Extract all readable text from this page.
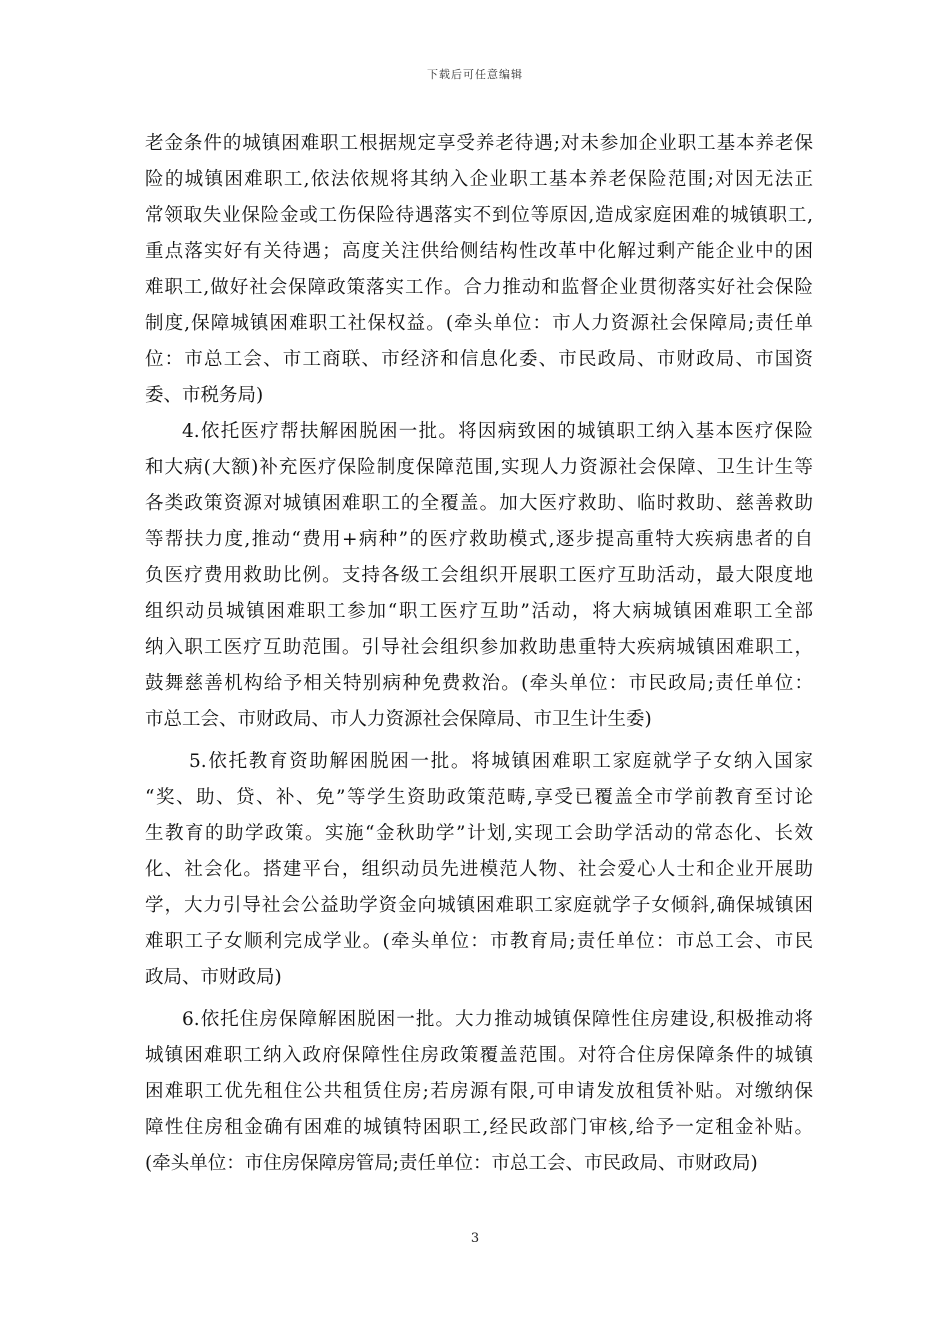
下载后可任意编辑
老金条件的城镇困难职工根据规定享受养老待遇;对未参加企业职工基本养老保
险的城镇困难职工,依法依规将其纳入企业职工基本养老保险范围;对因无法正
常领取失业保险金或工伤保险待遇落实不到位等原因,造成家庭困难的城镇职工,
重点落实好有关待遇；高度关注供给侧结构性改革中化解过剩产能企业中的困
难职工,做好社会保障政策落实工作。合力推动和监督企业贯彻落实好社会保险
制度,保障城镇困难职工社保权益。(牵头单位：市人力资源社会保障局;责任单
位：市总工会、市工商联、市经济和信息化委、市民政局、市财政局、市国资
委、市税务局)
4.依托医疗帮扶解困脱困一批。将因病致困的城镇职工纳入基本医疗保险
和大病(大额)补充医疗保险制度保障范围,实现人力资源社会保障、卫生计生等
各类政策资源对城镇困难职工的全覆盖。加大医疗救助、临时救助、慈善救助
等帮扶力度,推动“费用+病种”的医疗救助模式,逐步提高重特大疾病患者的自
负医疗费用救助比例。支持各级工会组织开展职工医疗互助活动，最大限度地
组织动员城镇困难职工参加“职工医疗互助”活动，将大病城镇困难职工全部
纳入职工医疗互助范围。引导社会组织参加救助患重特大疾病城镇困难职工，
鼓舞慈善机构给予相关特别病种免费救治。(牵头单位：市民政局;责任单位：
市总工会、市财政局、市人力资源社会保障局、市卫生计生委)
5.依托教育资助解困脱困一批。将城镇困难职工家庭就学子女纳入国家
“奖、助、贷、补、免”等学生资助政策范畴,享受已覆盖全市学前教育至讨论
生教育的助学政策。实施“金秋助学”计划,实现工会助学活动的常态化、长效
化、社会化。搭建平台，组织动员先进模范人物、社会爱心人士和企业开展助
学，大力引导社会公益助学资金向城镇困难职工家庭就学子女倾斜,确保城镇困
难职工子女顺利完成学业。(牵头单位：市教育局;责任单位：市总工会、市民
政局、市财政局)
6.依托住房保障解困脱困一批。大力推动城镇保障性住房建设,积极推动将
城镇困难职工纳入政府保障性住房政策覆盖范围。对符合住房保障条件的城镇
困难职工优先租住公共租赁住房;若房源有限,可申请发放租赁补贴。对缴纳保
障性住房租金确有困难的城镇特困职工,经民政部门审核,给予一定租金补贴。
(牵头单位：市住房保障房管局;责任单位：市总工会、市民政局、市财政局)
3
